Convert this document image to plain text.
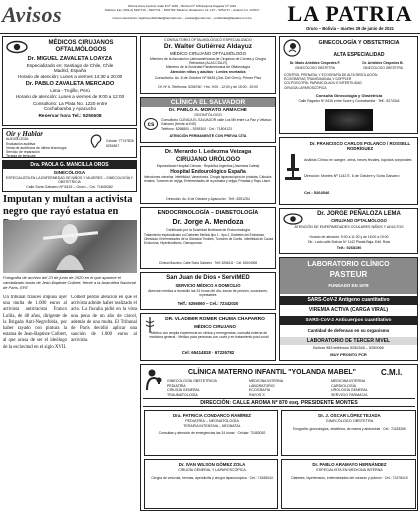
Avisos	Oficina Zona Central: Calle 8 Nº 1045 – Bolívar Nº 128 Esquina Pagador Nº 1024
Teléfono Fax: (591-2) 5297710 – 5297711 – 5297782 Teléfono: Redacción: Int. 127 – 5251717 – Aulería: Int. 127017
Correo electrónico: lapatria.publicidad@hotmail.com – pautas@gmail.com – publicidad@lapatria.com.bo	LA PATRIA
Oruro – Bolivia – martes 29 de junio de 2021
MÉDICOS CIRUJANOS
OFTALMÓLOGOS
Dr. MIGUEL ZAVALETA LOAYZA
Especializado en: Santiago de Chile, Chile
Madrid, España
Horario de atención: Lunes a viernes 14:30 a 20:00
Dr. PABLO ZAVALETA MERCADO
Lima - Trujillo, Perú
Horario de atención: Lunes a viernes de 9:00 a 12:00
Consultorio: La Plata No. 1220 entre
Cochabamba y Ayacucho
Reservar hora Tel.: 5250608
Oír y Hablar
AUDIOLOGÍA
Evaluación auditiva
Venta de audífonos de última tecnología
Servicio de reparación
Terapia de lenguaje
Celular: 77747826
5251867
Dra. PAOLA G. MANCILLA OROS
GINECÓLOGA
ESPECIALISTA EN LA ENFERMEDAD DE NIÑOS Y MUJERES – GINECOLOGÍA Y OBSTETRICIA
Calle Soria Galvarro Nº 6415 – Oruro – Cel. 71849282
Imputan y multan a activista negro que rayó estatua en
Fotografía de archivo del 23 de junio de 2020 en el que aparece el vandalizado busto de Jean-Baptiste Colbert, frente a la Asamblea Nacional de París. EFE

Un tribunal francés impuso ayer una multa de 1.000 euros al activista antirracista Franco Lollia, de 48 años, dirigente de la Brigada Anti-Negrofobia, por haber rayado con pintura la estatua de Jean-Baptiste Colbert, al que acusa de ser el ideólogo de la esclavitud en el siglo XVII.

Colbert perdió atención en que el activista admite haber realizado el acto. La fiscalía pidió en la vista una pena de un año de cárcel, además de una multa. El Tribunal de París decidió aplicar una sanción de 1.000 euros al activista.

CONSULTORIO OFTALMOLÓGICO ESPECIALIZADO
Dr. Walter Gutiérrez Aldayuz
MÉDICO CIRUJANO OFTALMÓLOGO
Miembro de la Asociación Latinoamericana de Cirujanos de Córnea y Cirugía Refractiva (ALACCSA-R)
Miembro de la Sociedad Panamericana de Oftalmología
Atención niños y adultos · Lentes recetados
Consultorio: Av. 6 de Octubre Nº 5845 (Gal. Del Oreo). Primer Piso
Of. Nº 6. Teléfonos: 5256760 · Hrs. 9:00 - 12:00 y de 15:00 - 20:00
CLÍNICA EL SALVADOR
Dr. PABLO A. MORATO ARMACHE
ODONTÓLOGO
cs
Consultorio CLÍNICA EL SALVADOR calle Los Mil entre La Paz y Velasco Galvarro (frente al INS)
Teléfono: 5258800 – 5259300 · Cel.: 71804123
ATENCIÓN PERMANENTE CON PREVIA CITA
Dr. Merardo I. Ledezma Veizaga
CIRUJANO URÓLOGO
Especializado Hospital Clínicas · República Argentina (Javeriana Caleta)
Hospital Endourológico España
Infecciones urinarias, Infertilidad, Vasectomía, Cirugía laparoscópica de próstata, Cálculos renales, Tumores de vejiga, Enfermedades de la próstata y vejiga, Próstata y Rayo Láser.
Dirección: Av. 6 de Octubre y Ayacucho · Telf.: 5251254
ENDOCRINOLOGÍA – DIABETOLOGÍA
Dr. Jorge A. Mendoza
Certificado por la Sociedad Boliviana de Endocrinología
Tratamiento especializado en Diabetes Melitus tipo 1 - tipo 2, Diabetes del Embarazo, Obesidad, Enfermedades de la Glándula Tiroides, Tumores de Cuello, Infertilidad de Causa Endocrina, Hipertiroidismo, Osteoporosis
Clínica Mauricio, Calle Soria Galvarro · Telf: 5256111 · Cel: 62004008
San Juan de Dios • ServiMED
SERVICIO MÉDICO A DOMICILIO
Atención médica a domicilio las 24 horas del día, tomas de presión, curaciones, inyectables
Telf.: 5256060 – Cel.: 72342020
DR. VLADIMIR ROMER CHUMA CHAPARRO
MÉDICO CIRUJANO
Médico con amplia experiencia en clínica y emergencias, consulta externa de medicina general · Médico para personas con covid y en tratamiento post covid
Cel: 65414818 · 67226782
GINECOLOGÍA Y OBSTETRICIA
ALTA ESPECIALIDAD
Dr. Mario Aristides Céspedes F.
GINECÓLOGO OBSTETRA
Dr. Aristides Céspedes B.
GINECÓLOGO OBSTETRA
CONTROL PRENATAL Y ECOGRAFÍA DE ALTA RESOLUCIÓN
ECOGRAFÍAS TRANSVAGINAL Y DOPPLER
COLPOSCOPÍA, PAPANICOLAOU E INFERTILIDAD
CIRUGÍA LAPAROSCÓPICA
Consulta Ginecología y Obstetricia
Calle Pagador Nº 6416 entre Sucre y Cochabamba · Telf.: 5274344
Dr. FRANCISCO CARLOS POLANCO / ROSSELL RODRÍGUEZ
Análisis Clínico en sangre, orina, heces fecales, líquidos corporales
Dirección: Montes Nº 1142 E. 6 de Octubre y Soria Galvarro
Cel.: 5264546
Dr. JORGE PEÑALOZA LEMA
CIRUJANO OFTALMÓLOGO
ATENCIÓN DE ENFERMEDADES OCULARES NIÑOS Y ADULTOS
Horario de atención: 9:00 a 11:30 y de 15:00 a 19:00
Dir.: Lado calle Bolívar Nº 1142 Planta Baja, Edif. Ruta
Telf.: 5268150
LABORATORIO CLÍNICO
PASTEUR
FUNDADO EN 1978
SARS-CoV-2 Antígeno cuantitativo
VIREMIA ACTIVA (CARGA VIRAL)
SARS-CoV-2 Anticuerpos cuantitativo
Cantidad de defensas en su organismo
LABORATORIO DE TERCER NIVEL
Bolívar 983 teléfonos 5250348 – 5250066
MUY PRONTO PCR
CLÍNICA MATERNO INFANTIL "YOLANDA MABEL"	C.M.I.
GINECOLOGÍA OBSTETRICIA
PEDIATRÍA
CIRUGÍA GENERAL
TRAUMATOLOGÍA
MEDICINA INTERNA
LABORATORIO
ECOGRAFÍA
RAYOS X
MEDICINA INTERNA
CARDIOLOGÍA
UROLOGÍA GENERAL
SERVICIO FARMACIA
DIRECCIÓN: CALLE AROMA Nº 870 esq. PRESIDENTE MONTES
Dra. PATRICIA CONDARCO RAMÍREZ
PEDIATRÍA – NEONATOLOGÍA
TERAPIA INTENSIVA – NEONATAL
Consultas y atención de emergencias las 24 horas · Celular: 72483052
Dr. J. OSCAR LÓPEZ TEJADA
GINECÓLOGO OBSTETRA
Ecografía: ginecológica, obstétrica, de mama y abdominal · Cel.: 71183260
Dr. IVAN WILSON GÓMEZ ZOLA
CIRUGÍA GENERAL Y LAPAROSCÓPICA
Cirugía de vesícula, hernias, apendicitis y cirugía laparoscópica · Cel.: 71845044
Dr. PABLO ARAMAYO HERNÁNDEZ
ESPECIALISTA EN MEDICINA INTERNA
Diabetes, hipertensión, enfermedades del corazón y pulmón · Cel.: 72478410
